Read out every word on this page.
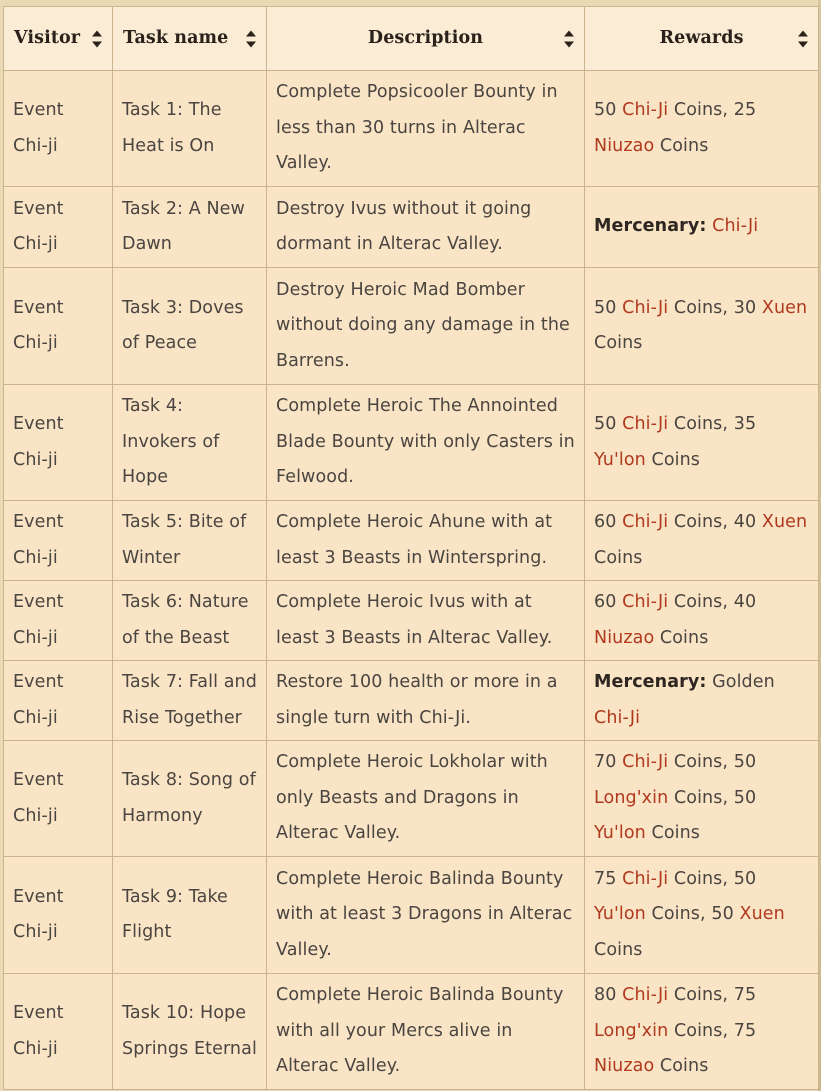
Visitor	Task name	Description	Rewards

Event Chi-ji	Task 1: The Heat is On	Complete Popsicooler Bounty in less than 30 turns in Alterac Valley.	50 Chi-Ji Coins, 25 Niuzao Coins
Event Chi-ji	Task 2: A New Dawn	Destroy Ivus without it going dormant in Alterac Valley.	Mercenary: Chi-Ji
Event Chi-ji	Task 3: Doves of Peace	Destroy Heroic Mad Bomber without doing any damage in the Barrens.	50 Chi-Ji Coins, 30 Xuen Coins
Event Chi-ji	Task 4: Invokers of Hope	Complete Heroic The Annointed Blade Bounty with only Casters in Felwood.	50 Chi-Ji Coins, 35 Yu'lon Coins
Event Chi-ji	Task 5: Bite of Winter	Complete Heroic Ahune with at least 3 Beasts in Winterspring.	60 Chi-Ji Coins, 40 Xuen Coins
Event Chi-ji	Task 6: Nature of the Beast	Complete Heroic Ivus with at least 3 Beasts in Alterac Valley.	60 Chi-Ji Coins, 40 Niuzao Coins
Event Chi-ji	Task 7: Fall and Rise Together	Restore 100 health or more in a single turn with Chi-Ji.	Mercenary: Golden Chi-Ji
Event Chi-ji	Task 8: Song of Harmony	Complete Heroic Lokholar with only Beasts and Dragons in Alterac Valley.	70 Chi-Ji Coins, 50 Long'xin Coins, 50 Yu'lon Coins
Event Chi-ji	Task 9: Take Flight	Complete Heroic Balinda Bounty with at least 3 Dragons in Alterac Valley.	75 Chi-Ji Coins, 50 Yu'lon Coins, 50 Xuen Coins
Event Chi-ji	Task 10: Hope Springs Eternal	Complete Heroic Balinda Bounty with all your Mercs alive in Alterac Valley.	80 Chi-Ji Coins, 75 Long'xin Coins, 75 Niuzao Coins
